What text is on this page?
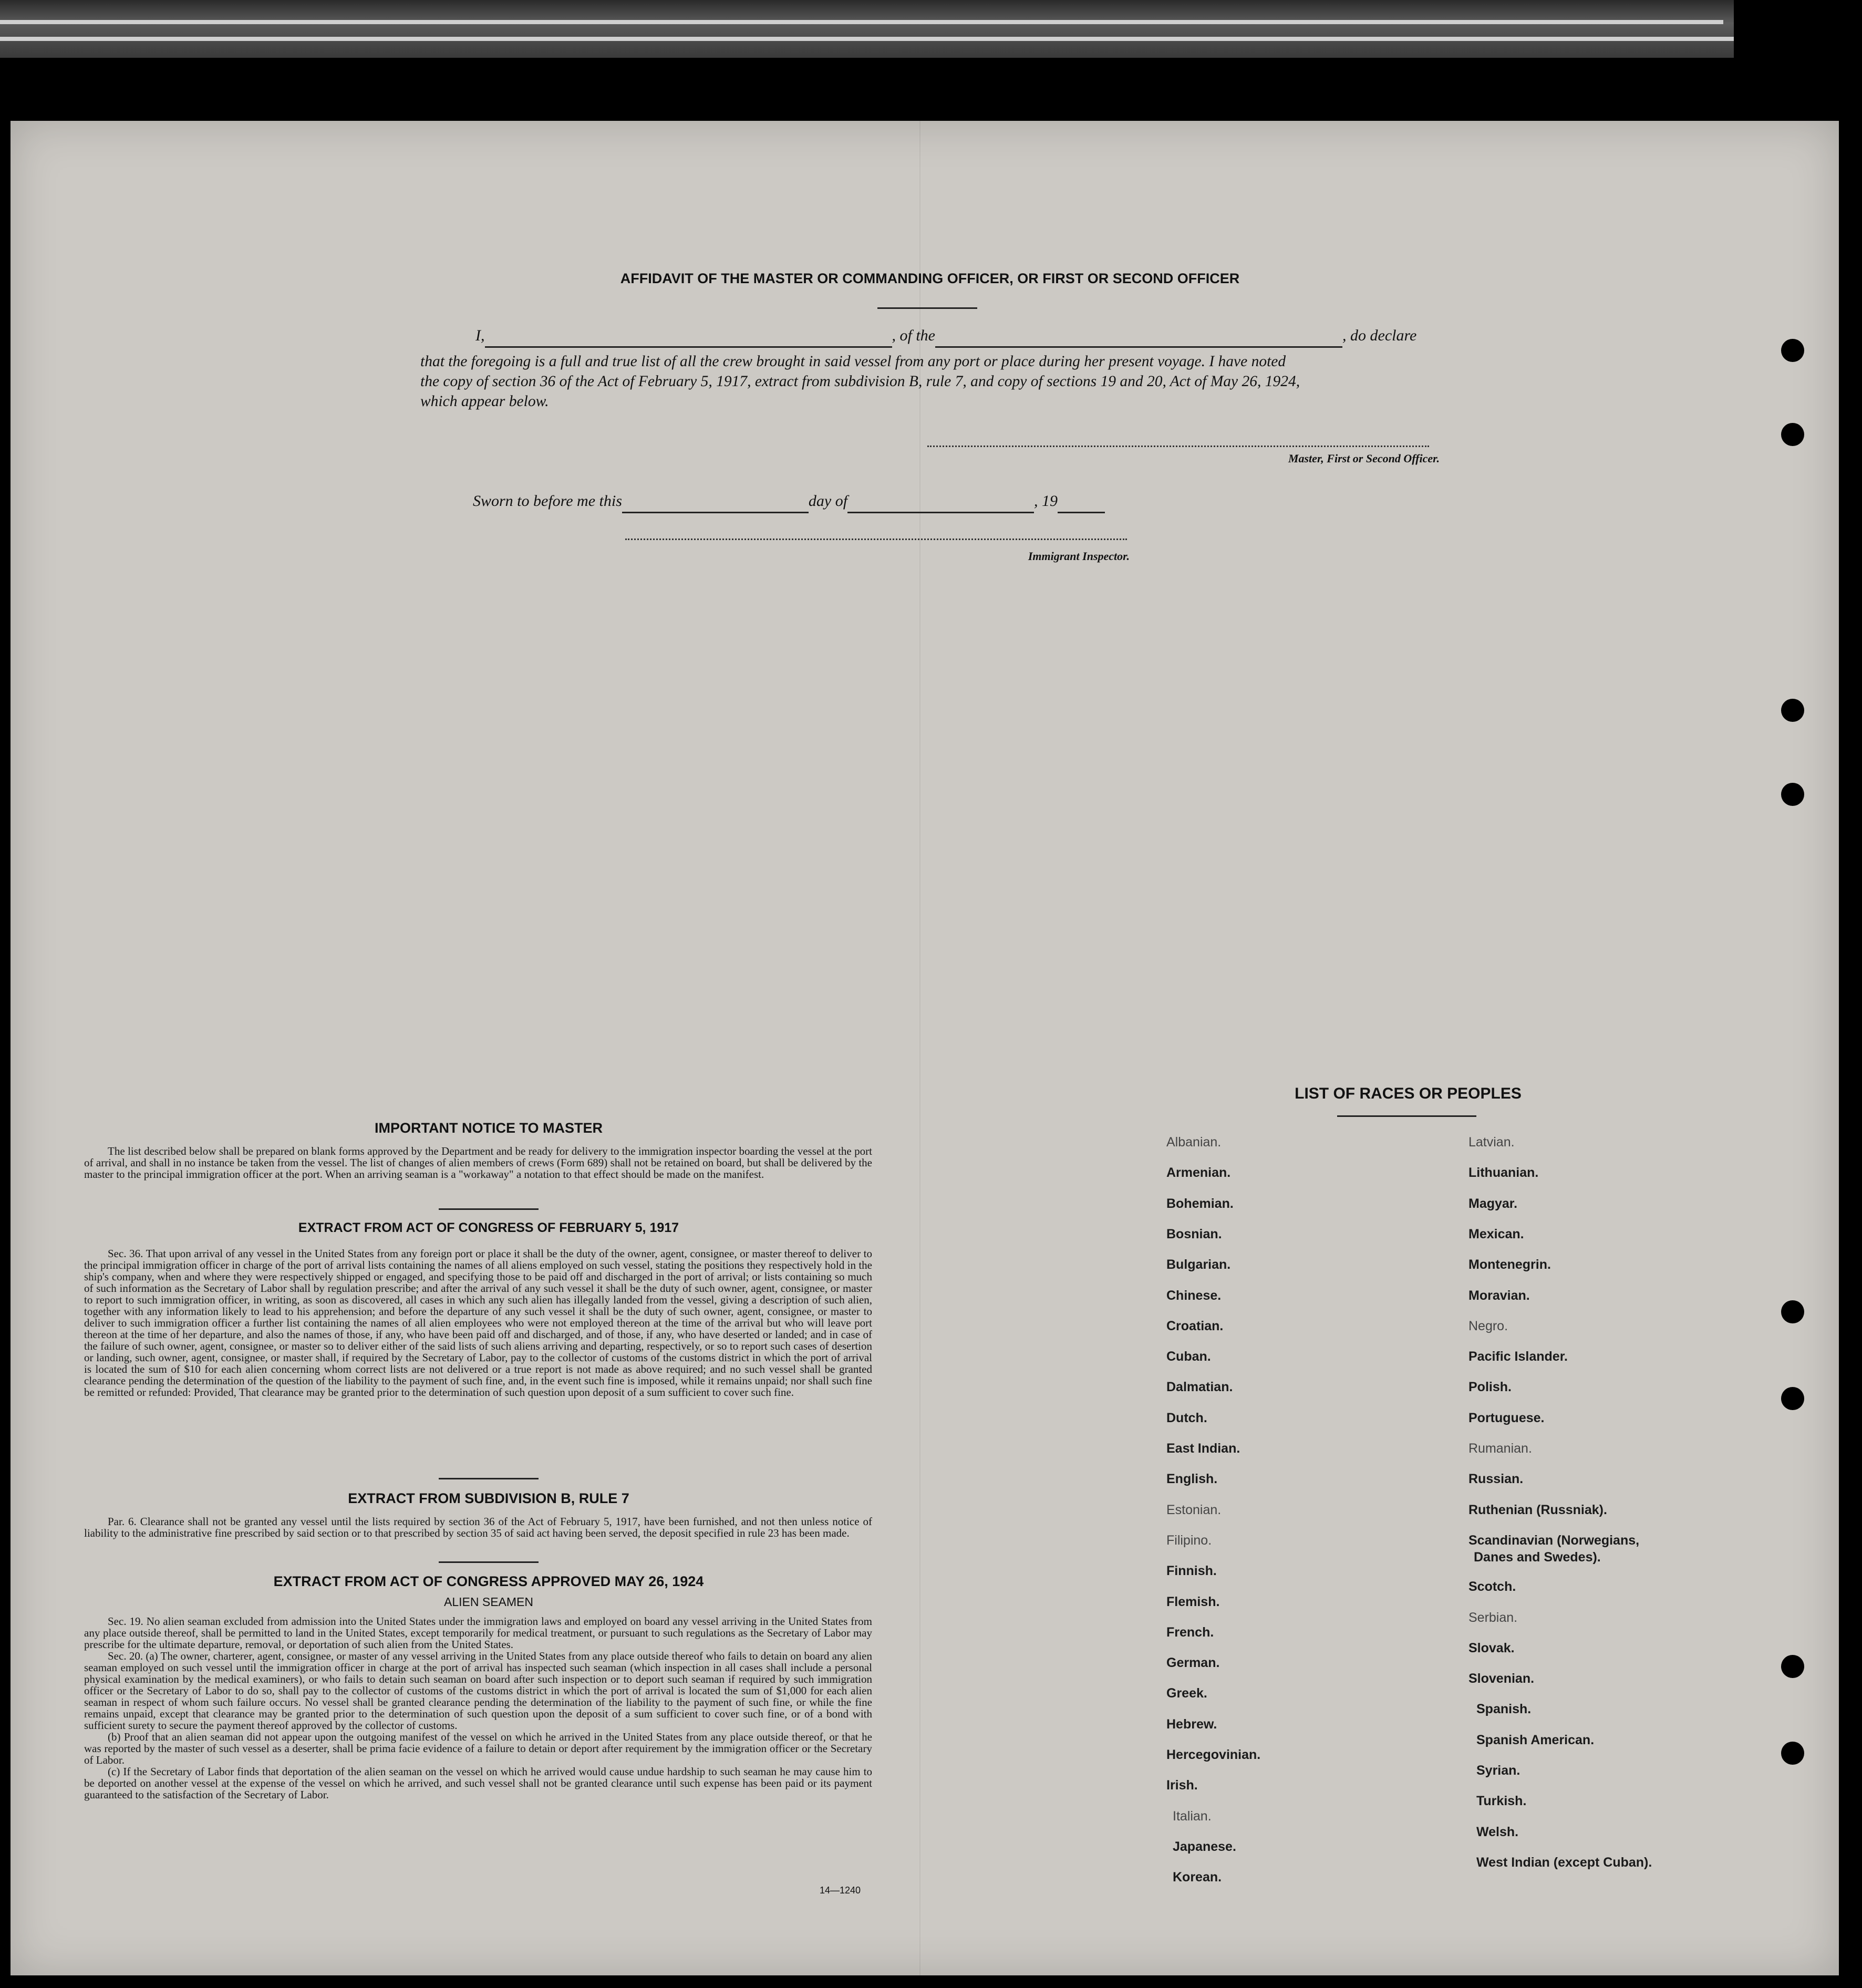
AFFIDAVIT OF THE MASTER OR COMMANDING OFFICER, OR FIRST OR SECOND OFFICER
I,	, of the	, do declare
that the foregoing is a full and true list of all the crew brought in said vessel from any port or place during her present voyage. I have noted
the copy of section 36 of the Act of February 5, 1917, extract from subdivision B, rule 7, and copy of sections 19 and 20, Act of May 26, 1924,
which appear below.
Master, First or Second Officer.
Sworn to before me this	day of	, 19
Immigrant Inspector.
IMPORTANT NOTICE TO MASTER

The list described below shall be prepared on blank forms approved by the Department and be ready for delivery to the immigration inspector boarding the vessel at the port of arrival, and shall in no instance be taken from the vessel. The list of changes of alien members of crews (Form 689) shall not be retained on board, but shall be delivered by the master to the principal immigration officer at the port. When an arriving seaman is a "workaway" a notation to that effect should be made on the manifest.

EXTRACT FROM ACT OF CONGRESS OF FEBRUARY 5, 1917

Sec. 36. That upon arrival of any vessel in the United States from any foreign port or place it shall be the duty of the owner, agent, consignee, or master thereof to deliver to the principal immigration officer in charge of the port of arrival lists containing the names of all aliens employed on such vessel, stating the positions they respectively hold in the ship's company, when and where they were respectively shipped or engaged, and specifying those to be paid off and discharged in the port of arrival; or lists containing so much of such information as the Secretary of Labor shall by regulation prescribe; and after the arrival of any such vessel it shall be the duty of such owner, agent, consignee, or master to report to such immigration officer, in writing, as soon as discovered, all cases in which any such alien has illegally landed from the vessel, giving a description of such alien, together with any information likely to lead to his apprehension; and before the departure of any such vessel it shall be the duty of such owner, agent, consignee, or master to deliver to such immigration officer a further list containing the names of all alien employees who were not employed thereon at the time of the arrival but who will leave port thereon at the time of her departure, and also the names of those, if any, who have been paid off and discharged, and of those, if any, who have deserted or landed; and in case of the failure of such owner, agent, consignee, or master so to deliver either of the said lists of such aliens arriving and departing, respectively, or so to report such cases of desertion or landing, such owner, agent, consignee, or master shall, if required by the Secretary of Labor, pay to the collector of customs of the customs district in which the port of arrival is located the sum of $10 for each alien concerning whom correct lists are not delivered or a true report is not made as above required; and no such vessel shall be granted clearance pending the determination of the question of the liability to the payment of such fine, and, in the event such fine is imposed, while it remains unpaid; nor shall such fine be remitted or refunded: Provided, That clearance may be granted prior to the determination of such question upon deposit of a sum sufficient to cover such fine.

EXTRACT FROM SUBDIVISION B, RULE 7

Par. 6. Clearance shall not be granted any vessel until the lists required by section 36 of the Act of February 5, 1917, have been furnished, and not then unless notice of liability to the administrative fine prescribed by said section or to that prescribed by section 35 of said act having been served, the deposit specified in rule 23 has been made.

EXTRACT FROM ACT OF CONGRESS APPROVED MAY 26, 1924
ALIEN SEAMEN

Sec. 19. No alien seaman excluded from admission into the United States under the immigration laws and employed on board any vessel arriving in the United States from any place outside thereof, shall be permitted to land in the United States, except temporarily for medical treatment, or pursuant to such regulations as the Secretary of Labor may prescribe for the ultimate departure, removal, or deportation of such alien from the United States.

Sec. 20. (a) The owner, charterer, agent, consignee, or master of any vessel arriving in the United States from any place outside thereof who fails to detain on board any alien seaman employed on such vessel until the immigration officer in charge at the port of arrival has inspected such seaman (which inspection in all cases shall include a personal physical examination by the medical examiners), or who fails to detain such seaman on board after such inspection or to deport such seaman if required by such immigration officer or the Secretary of Labor to do so, shall pay to the collector of customs of the customs district in which the port of arrival is located the sum of $1,000 for each alien seaman in respect of whom such failure occurs. No vessel shall be granted clearance pending the determination of the liability to the payment of such fine, or while the fine remains unpaid, except that clearance may be granted prior to the determination of such question upon the deposit of a sum sufficient to cover such fine, or of a bond with sufficient surety to secure the payment thereof approved by the collector of customs.

(b) Proof that an alien seaman did not appear upon the outgoing manifest of the vessel on which he arrived in the United States from any place outside thereof, or that he was reported by the master of such vessel as a deserter, shall be prima facie evidence of a failure to detain or deport after requirement by the immigration officer or the Secretary of Labor.

(c) If the Secretary of Labor finds that deportation of the alien seaman on the vessel on which he arrived would cause undue hardship to such seaman he may cause him to be deported on another vessel at the expense of the vessel on which he arrived, and such vessel shall not be granted clearance until such expense has been paid or its payment guaranteed to the satisfaction of the Secretary of Labor.

14—1240
LIST OF RACES OR PEOPLES
Albanian.
Armenian.
Bohemian.
Bosnian.
Bulgarian.
Chinese.
Croatian.
Cuban.
Dalmatian.
Dutch.
East Indian.
English.
Estonian.
Filipino.
Finnish.
Flemish.
French.
German.
Greek.
Hebrew.
Hercegovinian.
Irish.
Italian.
Japanese.
Korean.
Latvian.
Lithuanian.
Magyar.
Mexican.
Montenegrin.
Moravian.
Negro.
Pacific Islander.
Polish.
Portuguese.
Rumanian.
Russian.
Ruthenian (Russniak).
Scandinavian (Norwegians,
Danes and Swedes).
Scotch.
Serbian.
Slovak.
Slovenian.
Spanish.
Spanish American.
Syrian.
Turkish.
Welsh.
West Indian (except Cuban).
